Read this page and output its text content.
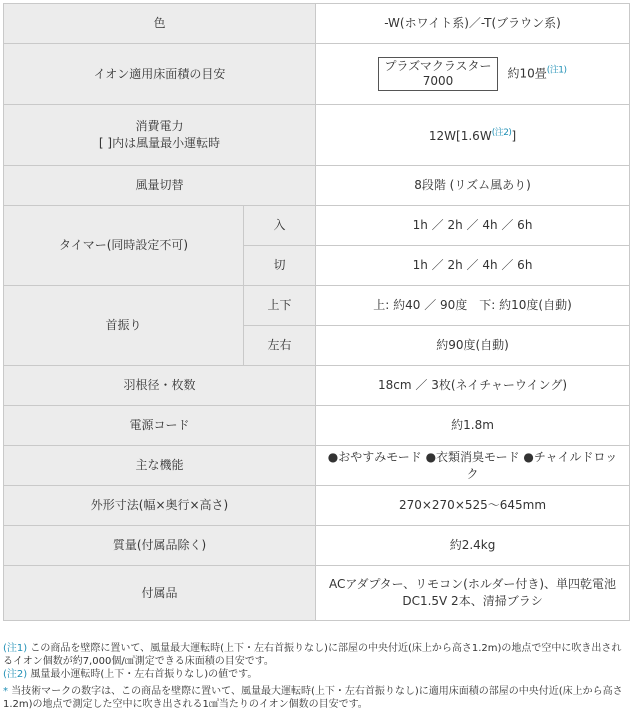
色		-W(ホワイト系)／-T(ブラウン系)
イオン適用床面積の目安		プラズマクラスター
7000
約10畳$^{(注1)}$
消費電力
[ ]内は風量最小運転時		$12W[1.6W^{(注2)}]$
風量切替		8段階 (リズム風あり)
タイマー(同時設定不可)	入	1h ／ 2h ／ 4h ／ 6h
	切	1h ／ 2h ／ 4h ／ 6h
首振り	上下	上: 約40 ／ 90度　下: 約10度(自動)
	左右	約90度(自動)
羽根径・枚数		18cm ／ 3枚(ネイチャーウイング)
電源コード		約1.8m
主な機能		●おやすみモード ●衣類消臭モード ●チャイルドロック
外形寸法(幅×奥行×高さ)		270×270×525～645mm
質量(付属品除く)		約2.4kg
付属品		ACアダプター、リモコン(ホルダー付き)、単四乾電池
DC1.5V 2本、清掃ブラシ

(注1) この商品を壁際に置いて、風量最大運転時(上下・左右首振りなし)に部屋の中央付近(床上から高さ1.2m)の地点で空中に吹き出されるイオン個数が約7,000個/㎤測定できる床面積の目安です。

(注2) 風量最小運転時(上下・左右首振りなし)の値です。

* 当技術マークの数字は、この商品を壁際に置いて、風量最大運転時(上下・左右首振りなし)に適用床面積の部屋の中央付近(床上から高さ1.2m)の地点で測定した空中に吹き出される1㎤当たりのイオン個数の目安です。
